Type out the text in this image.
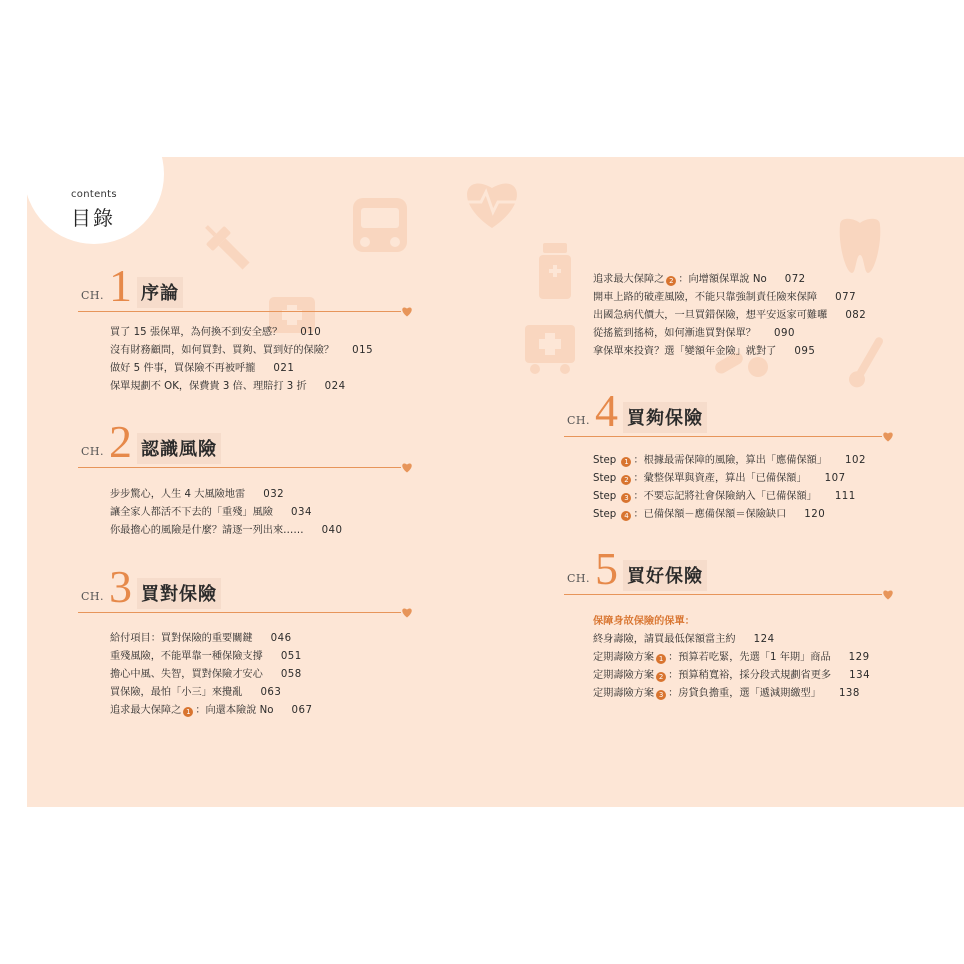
contents
目錄
CH. 1 序論
買了 15 張保單，為何換不到安全感？ 010
沒有財務顧問，如何買對、買夠、買到好的保險？ 015
做好 5 件事，買保險不再被呼攏 021
保單規劃不 OK，保費貴 3 倍、理賠打 3 折 024
CH. 2 認識風險
步步驚心，人生 4 大風險地雷 032
讓全家人都活不下去的「重殘」風險 034
你最擔心的風險是什麼？請逐一列出來…… 040
CH. 3 買對保險
給付項目：買對保險的重要關鍵 046
重殘風險，不能單靠一種保險支撐 051
擔心中風、失智，買對保險才安心 058
買保險，最怕「小三」來攪亂 063
追求最大保障之 1 ：向還本險說 No 067
追求最大保障之 2 ：向增額保單說 No 072
開車上路的破產風險，不能只靠強制責任險來保障 077
出國急病代價大，一旦買錯保險，想平安返家可難囉 082
從搖籃到搖椅，如何漸進買對保單？ 090
拿保單來投資？選「變額年金險」就對了 095
CH. 4 買夠保險
Step 1 ：根據最需保障的風險，算出「應備保額」 102
Step 2 ：彙整保單與資產，算出「已備保額」 107
Step 3 ：不要忘記將社會保險納入「已備保額」 111
Step 4 ：已備保額－應備保額＝保險缺口 120
CH. 5 買好保險
保障身故保險的保單：
終身壽險，請買最低保額當主約 124
定期壽險方案 1 ：預算若吃緊，先選「1 年期」商品 129
定期壽險方案 2 ：預算稍寬裕，採分段式規劃省更多 134
定期壽險方案 3 ：房貸負擔重，選「遞減期繳型」 138
